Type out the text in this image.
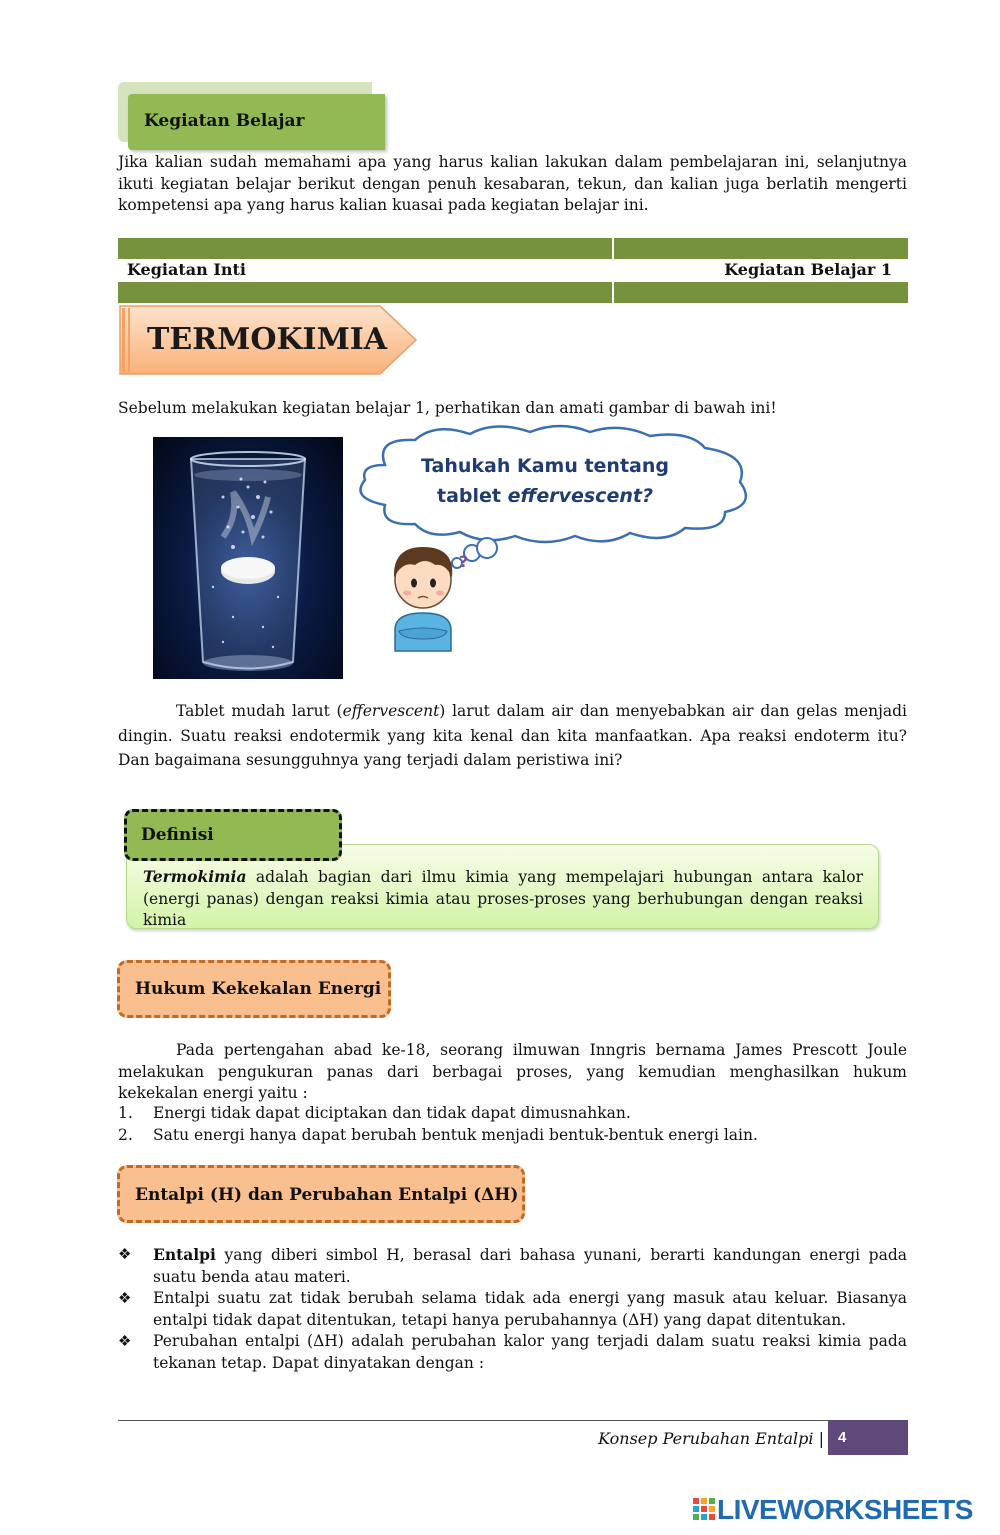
Kegiatan Belajar
Jika kalian sudah memahami apa yang harus kalian lakukan dalam pembelajaran ini, selanjutnya ikuti kegiatan belajar berikut dengan penuh kesabaran, tekun, dan kalian juga berlatih mengerti kompetensi apa yang harus kalian kuasai pada kegiatan belajar ini.
Kegiatan Inti	Kegiatan Belajar 1
TERMOKIMIA
Sebelum melakukan kegiatan belajar 1, perhatikan dan amati gambar di bawah ini!
Tahukah Kamu tentang
tablet effervescent?
?
Tablet mudah larut (effervescent) larut dalam air dan menyebabkan air dan gelas menjadi dingin. Suatu reaksi endotermik yang kita kenal dan kita manfaatkan. Apa reaksi endoterm itu? Dan bagaimana sesungguhnya yang terjadi dalam peristiwa ini?
Termokimia adalah bagian dari ilmu kimia yang mempelajari hubungan antara kalor (energi panas) dengan reaksi kimia atau proses-proses yang berhubungan dengan reaksi kimia
Definisi
Hukum Kekekalan Energi
Pada pertengahan abad ke-18, seorang ilmuwan Inngris bernama James Prescott Joule melakukan pengukuran panas dari berbagai proses, yang kemudian menghasilkan hukum kekekalan energi yaitu :
1. Energi tidak dapat diciptakan dan tidak dapat dimusnahkan.
2. Satu energi hanya dapat berubah bentuk menjadi bentuk-bentuk energi lain.
Entalpi (H) dan Perubahan Entalpi (ΔH)
❖ Entalpi yang diberi simbol H, berasal dari bahasa yunani, berarti kandungan energi pada suatu benda atau materi.
❖ Entalpi suatu zat tidak berubah selama tidak ada energi yang masuk atau keluar. Biasanya entalpi tidak dapat ditentukan, tetapi hanya perubahannya (ΔH) yang dapat ditentukan.
❖ Perubahan entalpi (ΔH) adalah perubahan kalor yang terjadi dalam suatu reaksi kimia pada tekanan tetap. Dapat dinyatakan dengan :
Konsep Perubahan Entalpi | 4
LIVEWORKSHEETS
